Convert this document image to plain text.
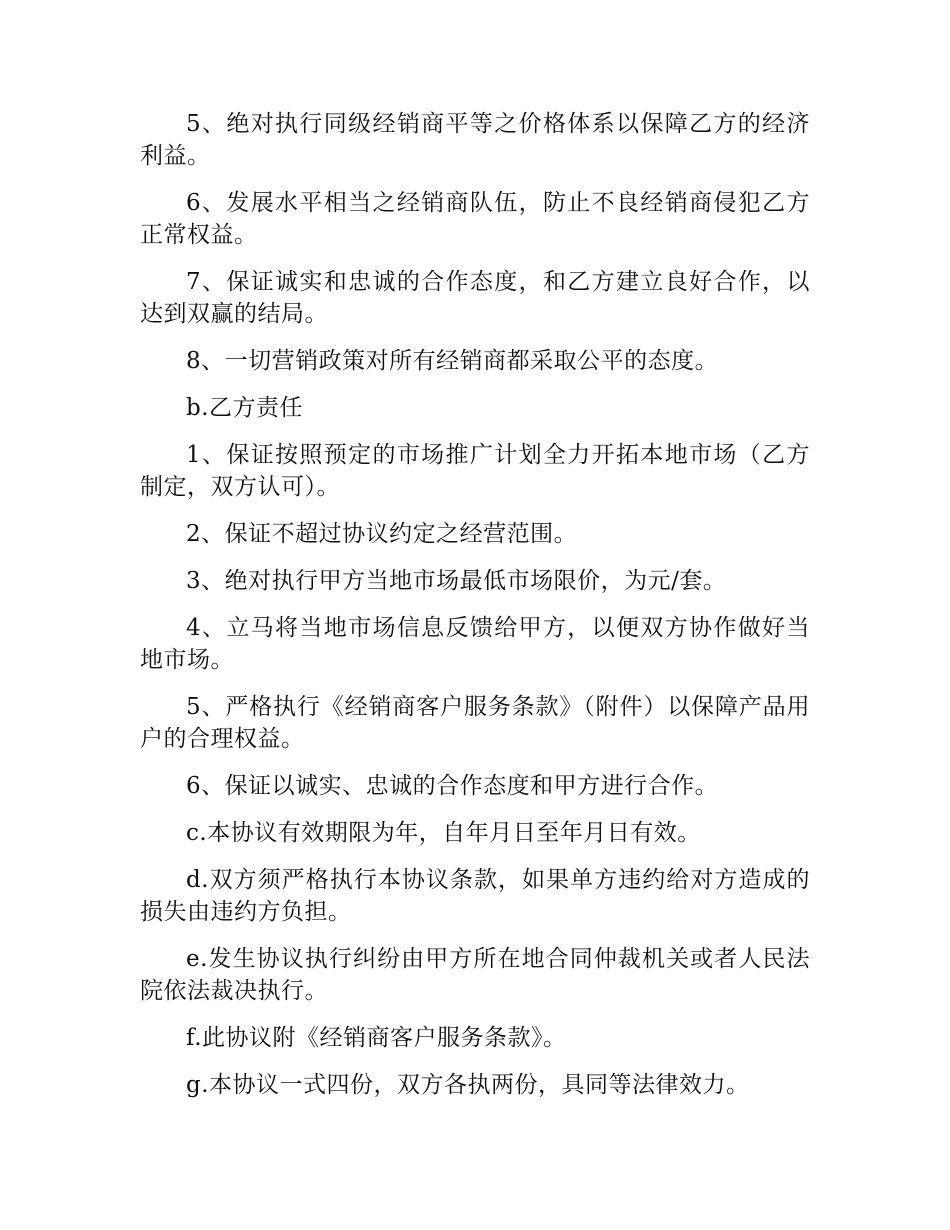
5、绝对执行同级经销商平等之价格体系以保障乙方的经济利益。

6、发展水平相当之经销商队伍，防止不良经销商侵犯乙方正常权益。

7、保证诚实和忠诚的合作态度，和乙方建立良好合作，以达到双赢的结局。

8、一切营销政策对所有经销商都采取公平的态度。

b.乙方责任

1、保证按照预定的市场推广计划全力开拓本地市场（乙方制定，双方认可）。

2、保证不超过协议约定之经营范围。

3、绝对执行甲方当地市场最低市场限价，为元/套。

4、立马将当地市场信息反馈给甲方，以便双方协作做好当地市场。

5、严格执行《经销商客户服务条款》（附件）以保障产品用户的合理权益。

6、保证以诚实、忠诚的合作态度和甲方进行合作。

c.本协议有效期限为年，自年月日至年月日有效。

d.双方须严格执行本协议条款，如果单方违约给对方造成的损失由违约方负担。

e.发生协议执行纠纷由甲方所在地合同仲裁机关或者人民法院依法裁决执行。

f.此协议附《经销商客户服务条款》。

g.本协议一式四份，双方各执两份，具同等法律效力。
